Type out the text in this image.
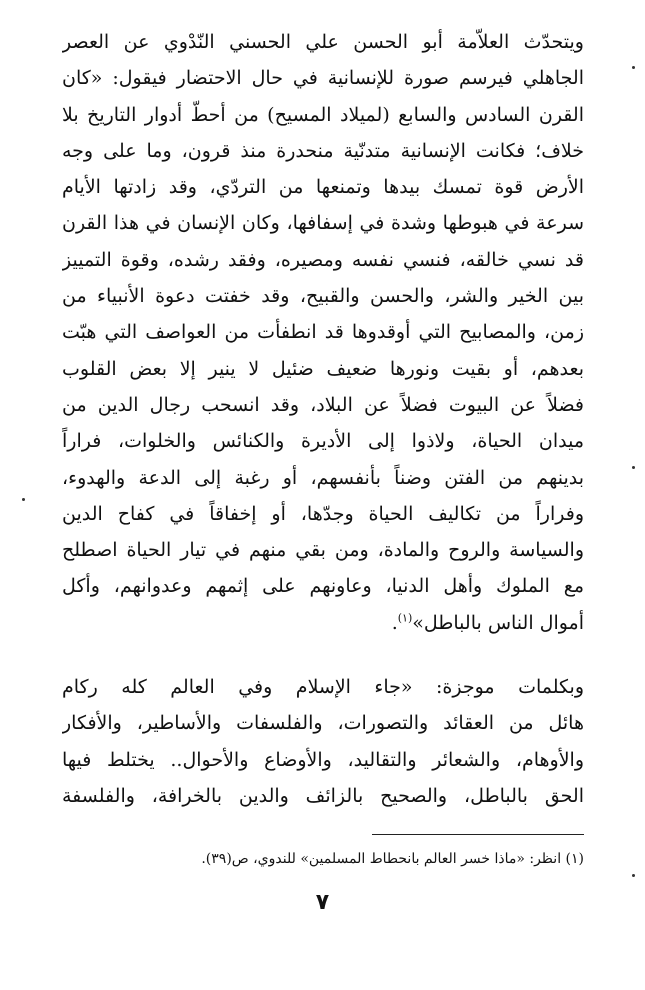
ويتحدّث العلاّمة أبو الحسن علي الحسني النّدْوي عن العصر
الجاهلي فيرسم صورة للإنسانية في حال الاحتضار فيقول: «كان
القرن السادس والسابع (لميلاد المسيح) من أحطّ أدوار التاريخ بلا
خلاف؛ فكانت الإنسانية متدنّية منحدرة منذ قرون، وما على وجه
الأرض قوة تمسك بيدها وتمنعها من التردّي، وقد زادتها الأيام
سرعة في هبوطها وشدة في إسفافها، وكان الإنسان في هذا القرن
قد نسي خالقه، فنسي نفسه ومصيره، وفقد رشده، وقوة التمييز
بين الخير والشر، والحسن والقبيح، وقد خفتت دعوة الأنبياء من
زمن، والمصابيح التي أوقدوها قد انطفأت من العواصف التي هبّت
بعدهم، أو بقيت ونورها ضعيف ضئيل لا ينير إلا بعض القلوب
فضلاً عن البيوت فضلاً عن البلاد، وقد انسحب رجال الدين من
ميدان الحياة، ولاذوا إلى الأديرة والكنائس والخلوات، فراراً
بدينهم من الفتن وضناً بأنفسهم، أو رغبة إلى الدعة والهدوء،
وفراراً من تكاليف الحياة وجدّها، أو إخفاقاً في كفاح الدين
والسياسة والروح والمادة، ومن بقي منهم في تيار الحياة اصطلح
مع الملوك وأهل الدنيا، وعاونهم على إثمهم وعدوانهم، وأكل
أموال الناس بالباطل»$^{(١)}$.
وبكلمات موجزة: «جاء الإسلام وفي العالم كله ركام
هائل من العقائد والتصورات، والفلسفات والأساطير، والأفكار
والأوهام، والشعائر والتقاليد، والأوضاع والأحوال.. يختلط فيها
الحق بالباطل، والصحيح بالزائف والدين بالخرافة، والفلسفة
(١) انظر: «ماذا خسر العالم بانحطاط المسلمين» للندوي، ص(٣٩).
٧
